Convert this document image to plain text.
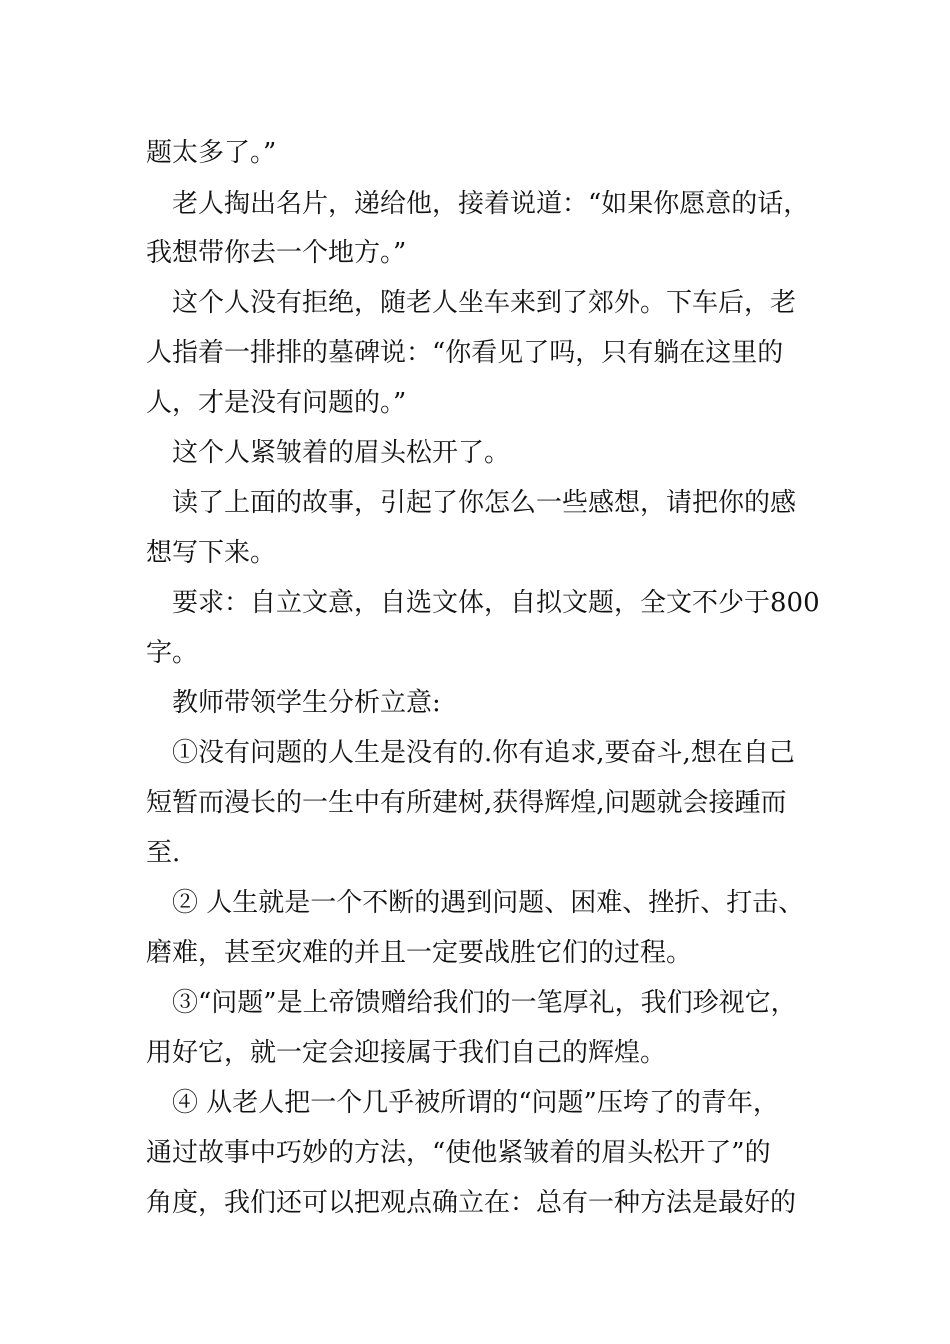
题太多了。”
老人掏出名片，递给他，接着说道：“如果你愿意的话，
我想带你去一个地方。”
这个人没有拒绝，随老人坐车来到了郊外。下车后，老
人指着一排排的墓碑说：“你看见了吗，只有躺在这里的
人，才是没有问题的。”
这个人紧皱着的眉头松开了。
读了上面的故事，引起了你怎么一些感想，请把你的感
想写下来。
要求：自立文意，自选文体，自拟文题，全文不少于800
字。
教师带领学生分析立意:
①没有问题的人生是没有的.你有追求,要奋斗,想在自己
短暂而漫长的一生中有所建树,获得辉煌,问题就会接踵而
至.
② 人生就是一个不断的遇到问题、困难、挫折、打击、
磨难，甚至灾难的并且一定要战胜它们的过程。
③“问题”是上帝馈赠给我们的一笔厚礼，我们珍视它，
用好它，就一定会迎接属于我们自己的辉煌。
④ 从老人把一个几乎被所谓的“问题”压垮了的青年，
通过故事中巧妙的方法，“使他紧皱着的眉头松开了”的
角度，我们还可以把观点确立在：总有一种方法是最好的
